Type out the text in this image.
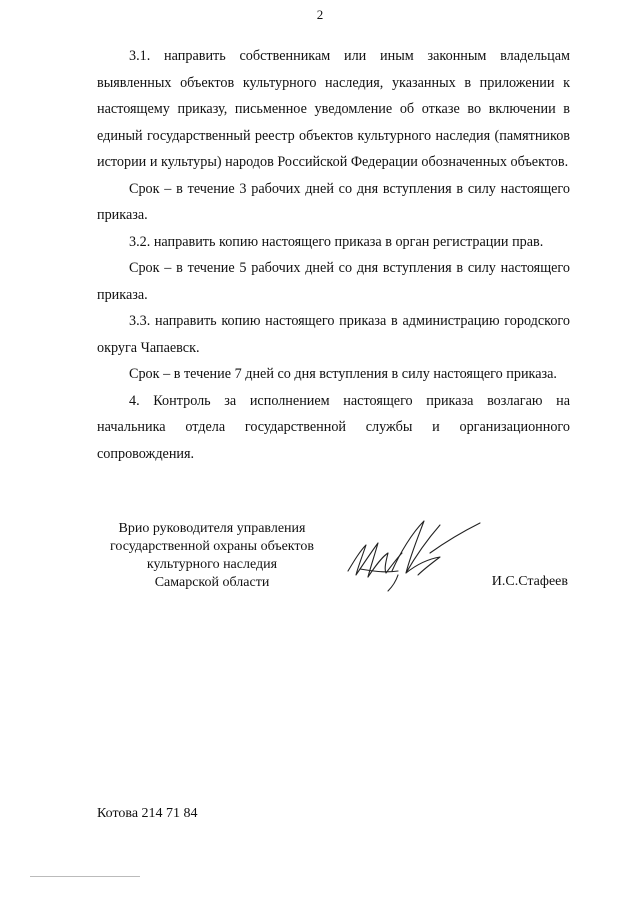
2

3.1. направить собственникам или иным законным владельцам

выявленных объектов культурного наследия, указанных в приложении к настоящему приказу, письменное уведомление об отказе во включении в единый государственный реестр объектов культурного наследия (памятников истории и культуры) народов Российской Федерации обозначенных объектов.

Срок – в течение 3 рабочих дней со дня вступления в силу настоящего приказа.

3.2. направить копию настоящего приказа в орган регистрации прав.

Срок – в течение 5 рабочих дней со дня вступления в силу настоящего приказа.

3.3. направить копию настоящего приказа в администрацию городского округа Чапаевск.

Срок – в течение 7 дней со дня вступления в силу настоящего приказа.

4. Контроль за исполнением настоящего приказа возлагаю на начальника отдела государственной службы и организационного сопровождения.

Врио руководителя управления
государственной охраны объектов
культурного наследия
Самарской области	И.С.Стафеев
Котова 214 71 84
